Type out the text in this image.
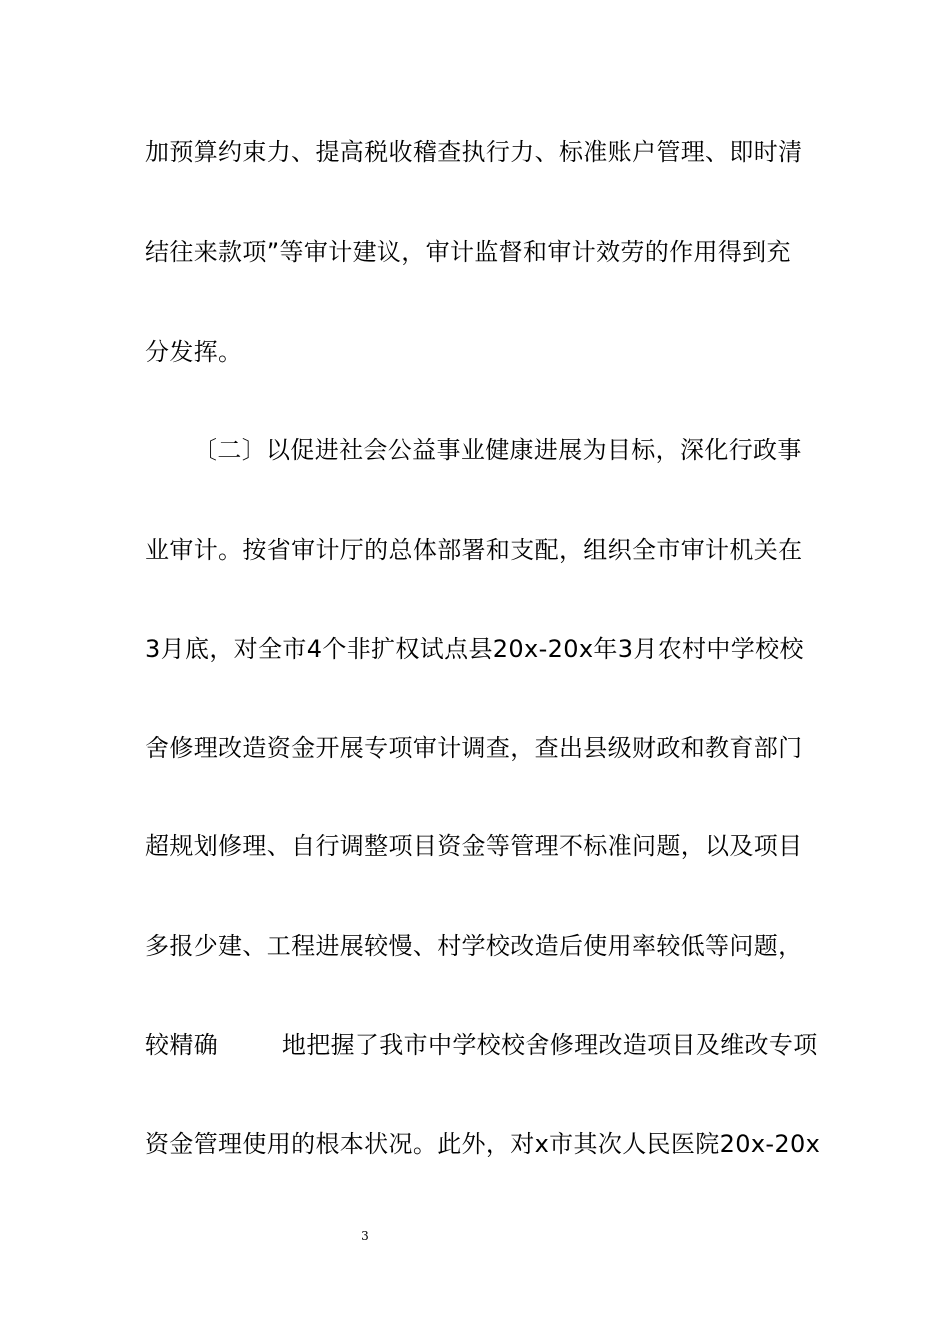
加预算约束力、提高税收稽查执行力、标准账户管理、即时清
结往来款项”等审计建议，审计监督和审计效劳的作用得到充
分发挥。
〔二〕以促进社会公益事业健康进展为目标，深化行政事
业审计。按省审计厅的总体部署和支配，组织全市审计机关在
3月底，对全市4个非扩权试点县20x-20x年3月农村中学校校
舍修理改造资金开展专项审计调查，查出县级财政和教育部门
超规划修理、自行调整项目资金等管理不标准问题，以及项目
多报少建、工程进展较慢、村学校改造后使用率较低等问题，
较精确        地把握了我市中学校校舍修理改造项目及维改专项
资金管理使用的根本状况。此外，对x市其次人民医院20x-20x
3
